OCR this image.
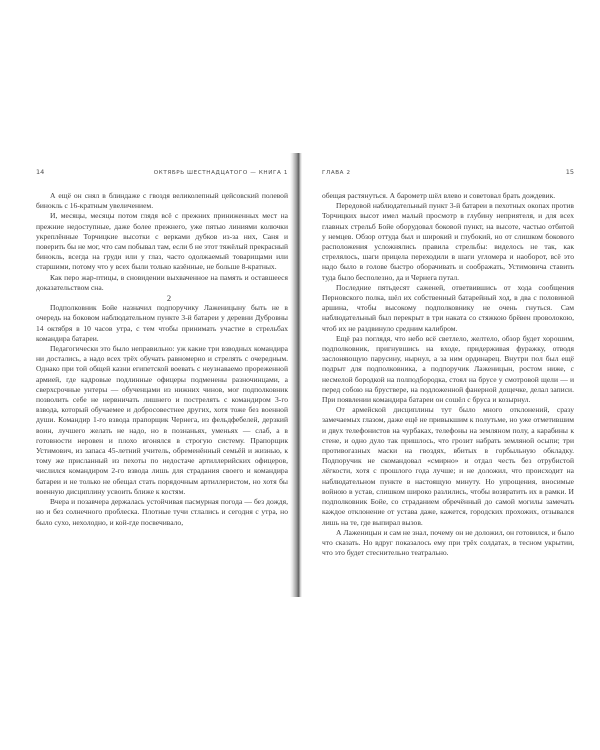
14	ОКТЯБРЬ ШЕСТНАДЦАТОГО — КНИГА 1

А ещё он снял в блиндаже с гвоздя великолепный цейсовский полевой бинокль с 16-кратным увеличением.

И, месяцы, месяцы потом глядя всё с прежних приниженных мест на прежние недоступные, даже более прежнего, уже пятью линиями колючки укреплённые Торчицкие высотки с верками дубков из-за них, Саня и поверить бы не мог, что сам побывал там, если б не этот тяжёлый прекрасный бинокль, всегда на груди или у глаз, часто одолжаемый товарищами или старшими, потому что у всех были только казённые, не больше 8-кратных.

Как перо жар-птицы, в сновидении выхваченное на память и оставшееся доказательством сна.

2

Подполковник Бойе назначил подпоручику Лаженицыну быть не в очередь на боковом наблюдательном пункте 3-й батареи у деревни Дубровны 14 октября в 10 часов утра, с тем чтобы принимать участие в стрельбах командира батареи.

Педагогически это было неправильно: уж какие три взводных командира ни достались, а надо всех трёх обучать равномерно и стрелять с очередным. Однако при той общей казни египетской воевать с неузнаваемо прореженной армией, где кадровые подлинные офицеры подменены разночинцами, а сверхсрочные унтеры — обученцами из нижних чинов, мог подполковник позволить себе не нервничать лишнего и пострелять с командиром 3-го взвода, который обучаемее и добросовестнее других, хотя тоже без военной души. Командир 1-го взвода прапорщик Чернега, из фельдфебелей, дерзкий воин, лучшего желать не надо, но в познаньях, уменьях — слаб, а в готовности неровен и плохо вгонялся в строгую систему. Прапорщик Устимович, из запаса 45-летний учитель, обременённый семьёй и жизнью, к тому же присланный из пехоты по недостаче артиллерийских офицеров, числился командиром 2-го взвода лишь для страдания своего и командира батареи и не только не обещал стать порядочным артиллеристом, но хотя бы военную дисциплину усвоить ближе к костям.

Вчера и позавчера держалась устойчивая пасмурная погода — без дождя, но и без солнечного проблеска. Плотные тучи стлались и сегодня с утра, но было сухо, нехолодно, и кой-где посвечивало,

ГЛАВА 2	15

обещая растянуться. А барометр шёл влево и советовал брать дождевик.

Передовой наблюдательный пункт 3-й батареи в пехотных окопах против Торчицких высот имел малый просмотр в глубину неприятеля, и для всех главных стрельб Бойе оборудовал боковой пункт, на высоте, частью отбитой у немцев. Обзор оттуда был и широкий и глубокий, но от слишком бокового расположения усложнялись правила стрельбы: виделось не так, как стрелялось, шаги прицела переходили в шаги угломера и наоборот, всё это надо было в голове быстро оборачивать и соображать, Устимовича ставить туда было бесполезно, да и Чернега путал.

Последние пятьдесят саженей, ответвившись от хода сообщения Перновского полка, шёл их собственный батарейный ход, в два с половиной аршина, чтобы высокому подполковнику не очень гнуться. Сам наблюдательный был перекрыт в три наката со стяжкою брёвен проволокою, чтоб их не раздвинуло средним калибром.

Ещё раз поглядя, что небо всё светлело, желтело, обзор будет хорошим, подполковник, пригнувшись на входе, придерживая фуражку, отводя заслоняющую парусину, нырнул, а за ним ординарец. Внутри пол был ещё подрыт для подполковника, а подпоручик Лаженицын, ростом ниже, с несмелой бородкой на полподбородка, стоял на брусе у смотровой щели — и перед собою на бруствере, на подложенной фанерной дощечке, делал записи. При появлении командира батареи он сошёл с бруса и козырнул.

От армейской дисциплины тут было много отклонений, сразу замечаемых глазом, даже ещё не привыкшим к полутьме, но уже отметившим и двух телефонистов на чурбаках, телефоны на земляном полу, а карабины к стене, и одно дуло так пришлось, что грозит набрать земляной осыпи; три противогазных маски на гвоздях, вбитых в горбыльную обкладку. Подпоручик не скомандовал «смирно» и отдал честь без отрубистой лёгкости, хотя с прошлого года лучше; и не доложил, что происходит на наблюдательном пункте в настоящую минуту. Но упрощения, вносимые войною в устав, слишком широко разлились, чтобы возвратить их в рамки. И подполковник Бойе, со страданием обречённый до самой могилы замечать каждое отклонение от устава даже, кажется, городских прохожих, отзывался лишь на те, где выпирал вызов.

А Лаженицын и сам не знал, почему он не доложил, он готовился, и было что сказать. Но вдруг показалось ему при трёх солдатах, в тесном укрытии, что это будет стеснительно театрально.
